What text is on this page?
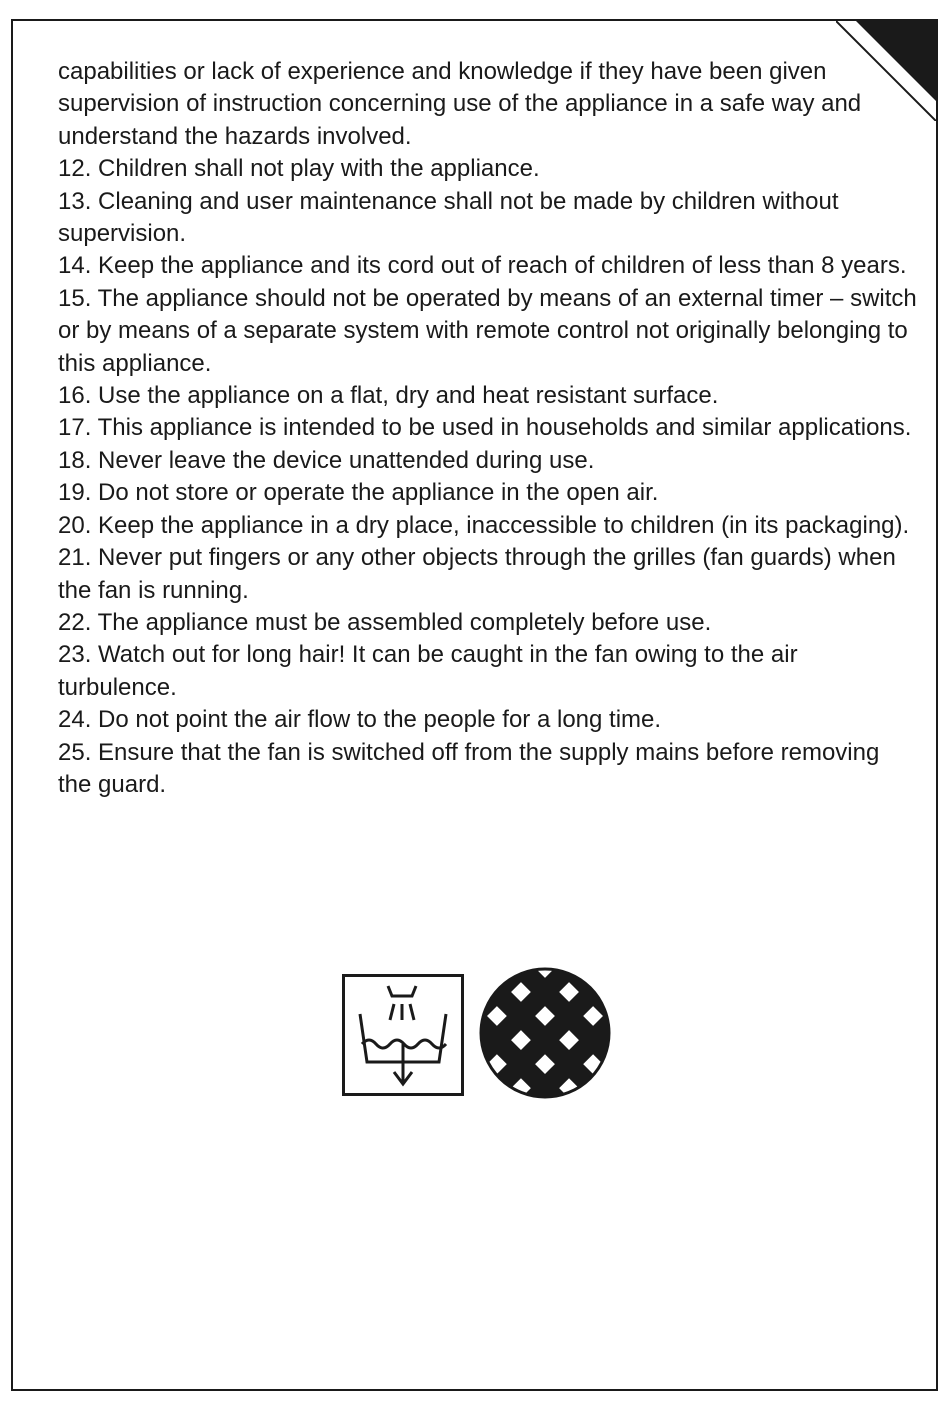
capabilities or lack of experience and knowledge if they have been given supervision of instruction concerning use of the appliance in a safe way and understand the hazards involved.

12. Children shall not play with the appliance.

13. Cleaning and user maintenance shall not be made by children without supervision.

14. Keep the appliance and its cord out of reach of children of less than 8 years.

15. The appliance should not be operated by means of an external timer – switch or by means of a separate system with remote control not originally belonging to this appliance.

16. Use the appliance on a flat, dry and heat resistant surface.

17. This appliance is intended to be used in households and similar applications.

18. Never leave the device unattended during use.

19. Do not store or operate the appliance in the open air.

20. Keep the appliance in a dry place, inaccessible to children (in its packaging).

21. Never put fingers or any other objects through the grilles (fan guards) when the fan is running.

22. The appliance must be assembled completely before use.

23. Watch out for long hair! It can be caught in the fan owing to the air turbulence.

24. Do not point the air flow to the people for a long time.

25. Ensure that the fan is switched off from the supply mains before removing the guard.
